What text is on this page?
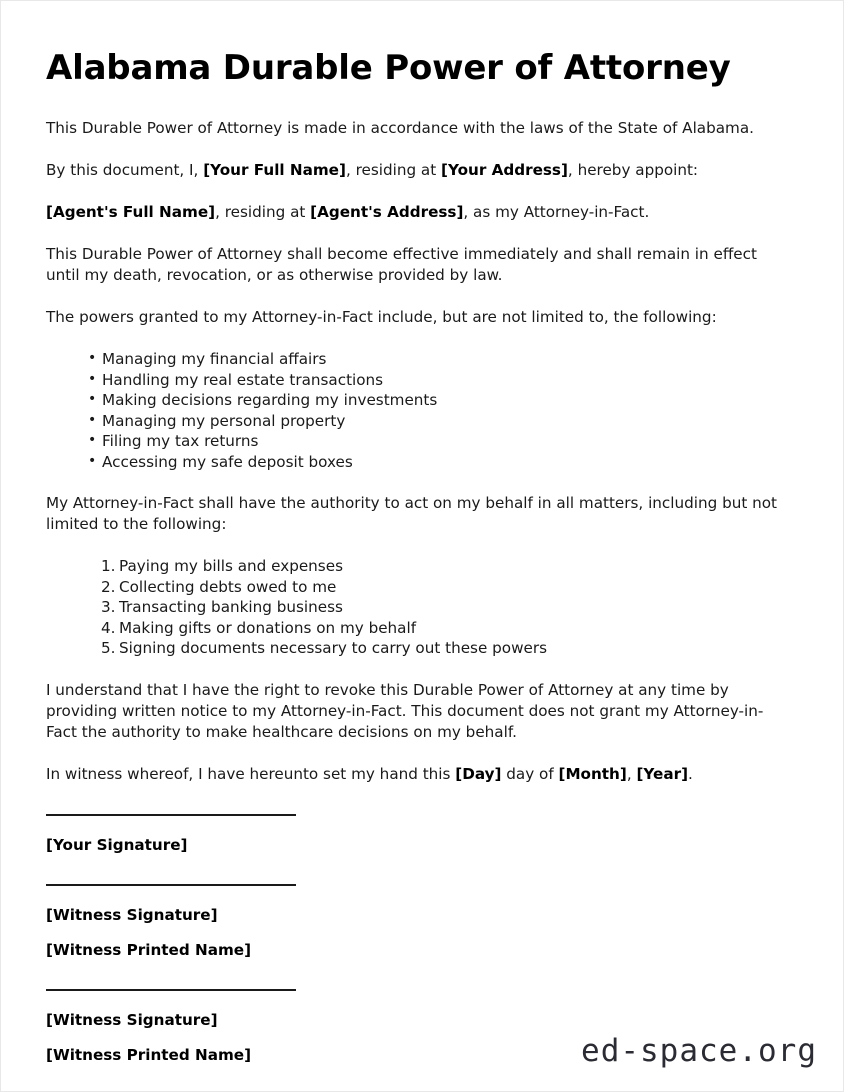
Alabama Durable Power of Attorney

This Durable Power of Attorney is made in accordance with the laws of the State of Alabama.

By this document, I, [Your Full Name], residing at [Your Address], hereby appoint:

[Agent's Full Name], residing at [Agent's Address], as my Attorney-in-Fact.

This Durable Power of Attorney shall become effective immediately and shall remain in effect until my death, revocation, or as otherwise provided by law.

The powers granted to my Attorney-in-Fact include, but are not limited to, the following:

• Managing my financial affairs
• Handling my real estate transactions
• Making decisions regarding my investments
• Managing my personal property
• Filing my tax returns
• Accessing my safe deposit boxes

My Attorney-in-Fact shall have the authority to act on my behalf in all matters, including but not limited to the following:

Paying my bills and expenses
Collecting debts owed to me
Transacting banking business
Making gifts or donations on my behalf
Signing documents necessary to carry out these powers

I understand that I have the right to revoke this Durable Power of Attorney at any time by providing written notice to my Attorney-in-Fact. This document does not grant my Attorney-in-Fact the authority to make healthcare decisions on my behalf.

In witness whereof, I have hereunto set my hand this [Day] day of [Month], [Year].

[Your Signature]
[Witness Signature]
[Witness Printed Name]
[Witness Signature]
[Witness Printed Name]	ed-space.org
